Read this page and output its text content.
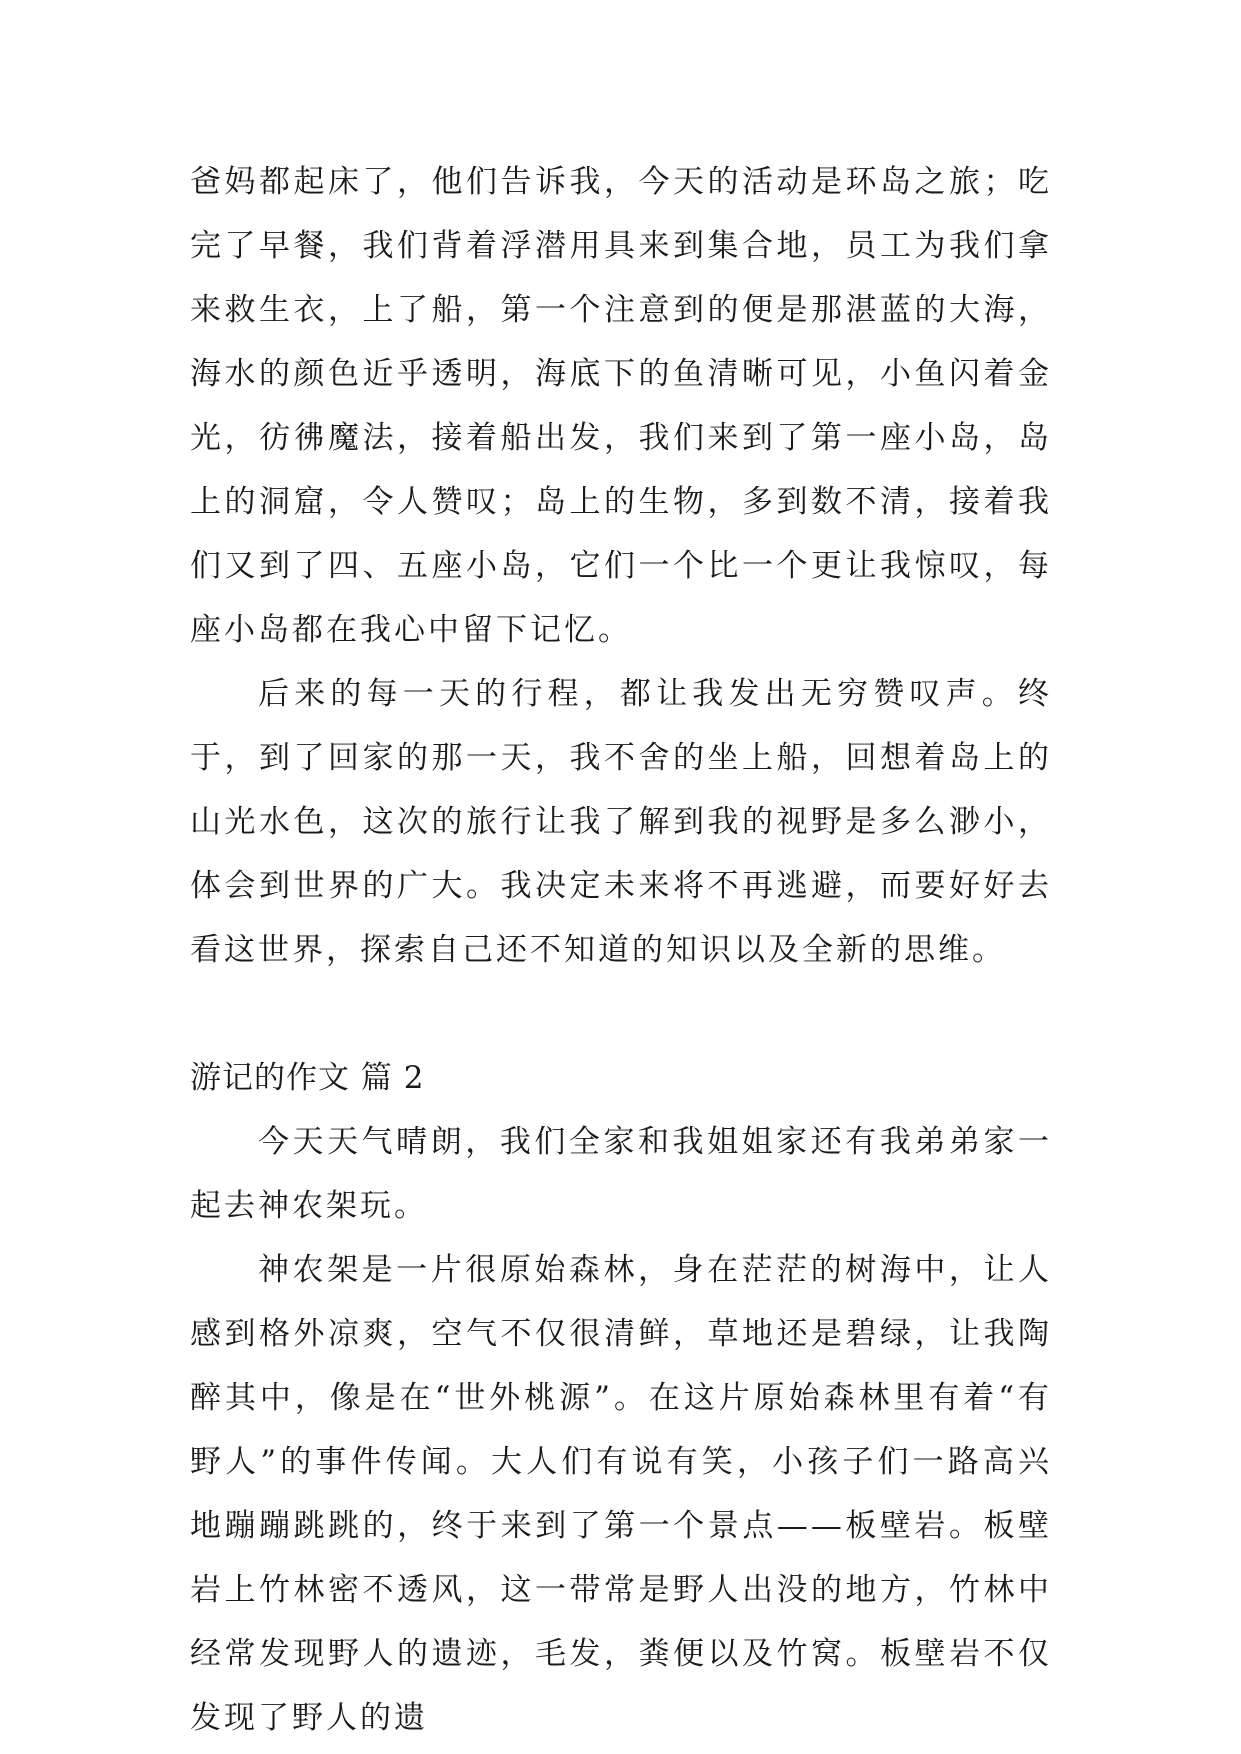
爸妈都起床了，他们告诉我，今天的活动是环岛之旅；吃完了早餐，我们背着浮潜用具来到集合地，员工为我们拿来救生衣，上了船，第一个注意到的便是那湛蓝的大海，海水的颜色近乎透明，海底下的鱼清晰可见，小鱼闪着金光，彷彿魔法，接着船出发，我们来到了第一座小岛，岛上的洞窟，令人赞叹；岛上的生物，多到数不清，接着我们又到了四、五座小岛，它们一个比一个更让我惊叹，每座小岛都在我心中留下记忆。

后来的每一天的行程，都让我发出无穷赞叹声。终于，到了回家的那一天，我不舍的坐上船，回想着岛上的山光水色，这次的旅行让我了解到我的视野是多么渺小，体会到世界的广大。我决定未来将不再逃避，而要好好去看这世界，探索自己还不知道的知识以及全新的思维。

游记的作文 篇 2

今天天气晴朗，我们全家和我姐姐家还有我弟弟家一起去神农架玩。

神农架是一片很原始森林，身在茫茫的树海中，让人感到格外凉爽，空气不仅很清鲜，草地还是碧绿，让我陶醉其中，像是在“世外桃源”。在这片原始森林里有着“有野人”的事件传闻。大人们有说有笑，小孩子们一路高兴地蹦蹦跳跳的，终于来到了第一个景点——板壁岩。板壁岩上竹林密不透风，这一带常是野人出没的地方，竹林中经常发现野人的遗迹，毛发，粪便以及竹窝。板壁岩不仅发现了野人的遗
